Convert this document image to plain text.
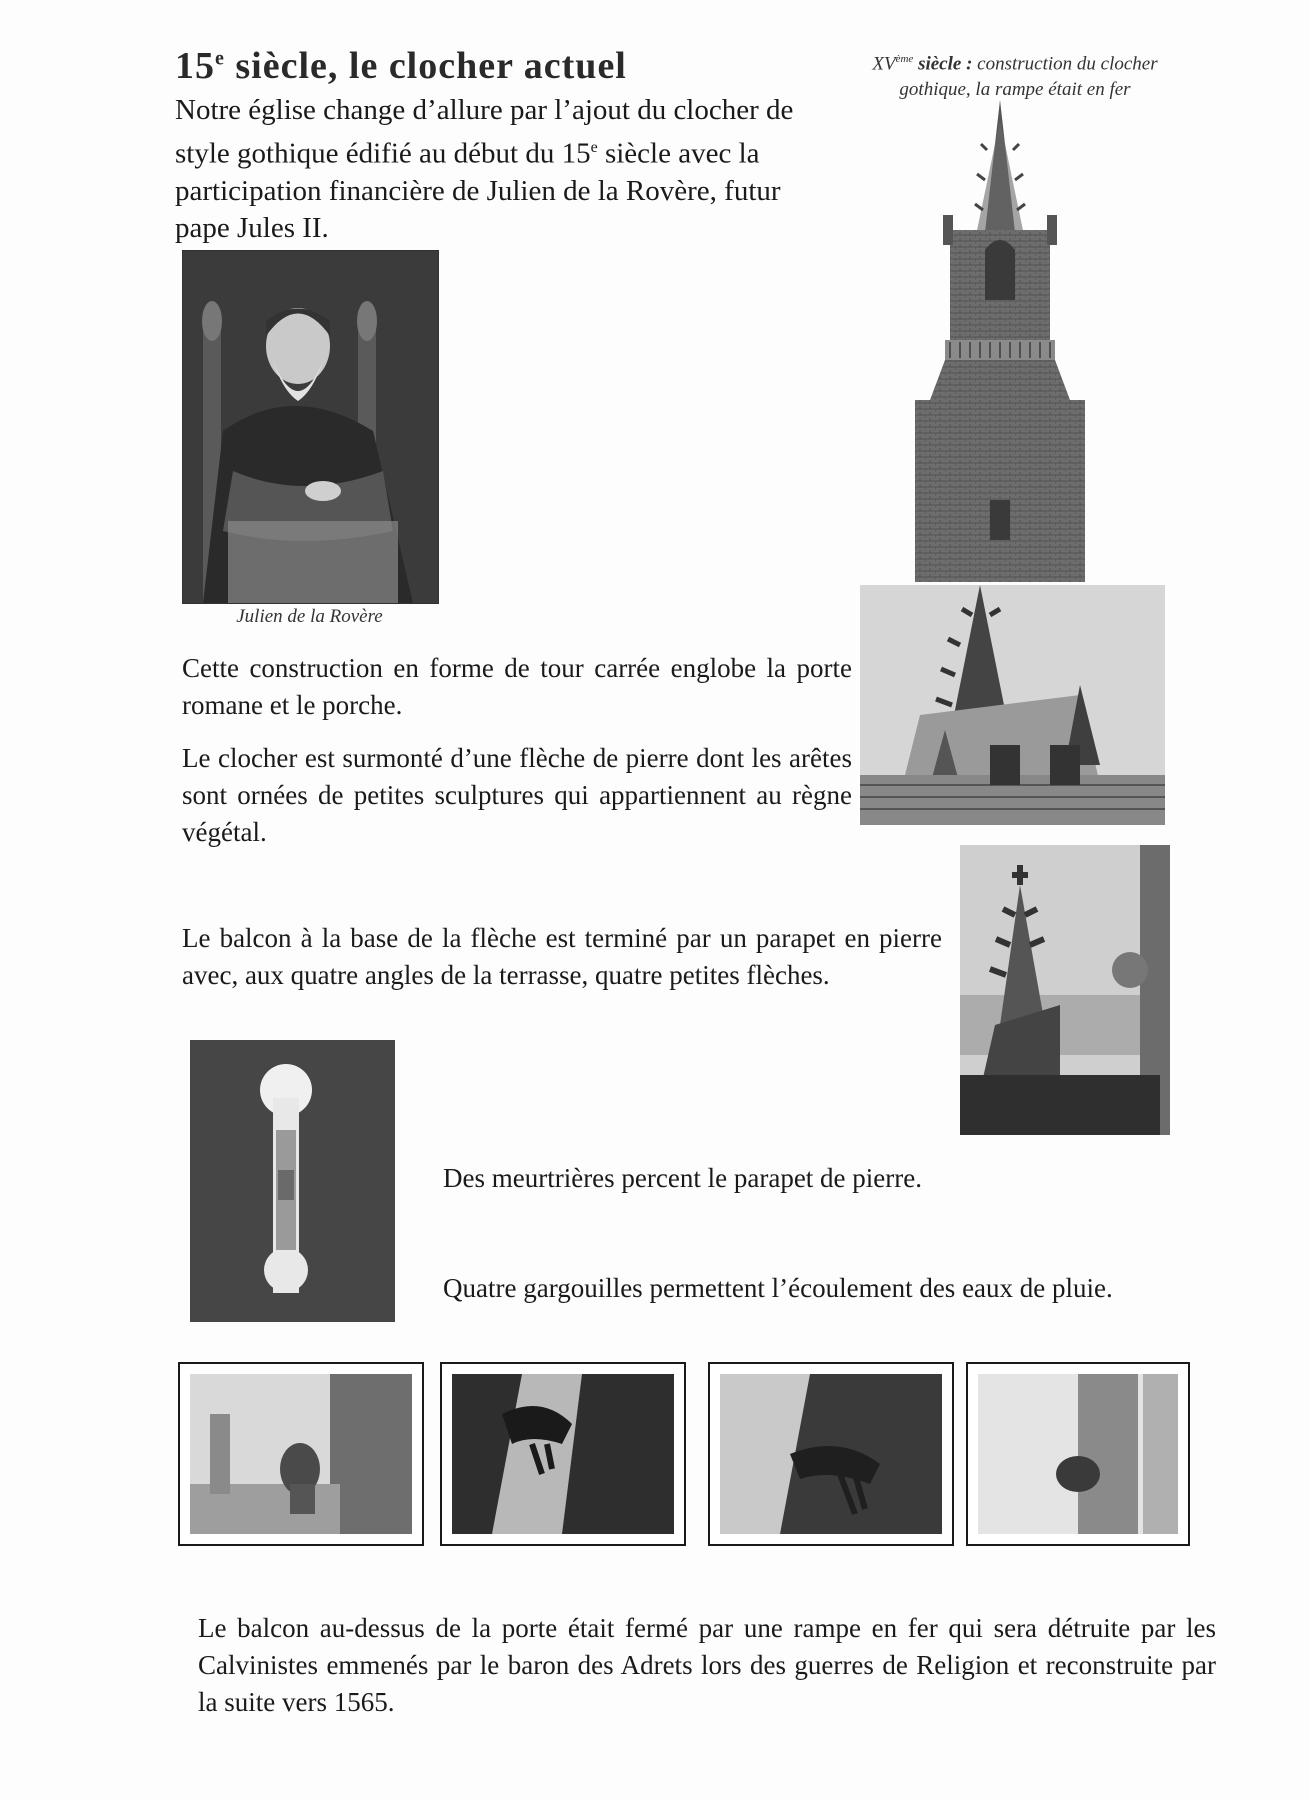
15e siècle, le clocher actuel
Notre église change d’allure par l’ajout du clocher de style gothique édifié au début du 15e siècle avec la participation financière de Julien de la Rovère, futur pape Jules II.
XVème siècle : construction du clocher gothique, la rampe était en fer
Julien de la Rovère
Cette construction en forme de tour carrée englobe la porte romane et le porche.
Le clocher est surmonté d’une flèche de pierre dont les arêtes sont ornées de petites sculptures qui appartiennent au règne végétal.
Le balcon à la base de la flèche est terminé par un parapet en pierre avec, aux quatre angles de la terrasse, quatre petites flèches.
Des meurtrières percent le parapet de pierre.
Quatre gargouilles permettent l’écoulement des eaux de pluie.
Le balcon au-dessus de la porte était fermé par une rampe en fer qui sera détruite par les Calvinistes emmenés par le baron des Adrets lors des guerres de Religion et reconstruite par la suite vers 1565.
